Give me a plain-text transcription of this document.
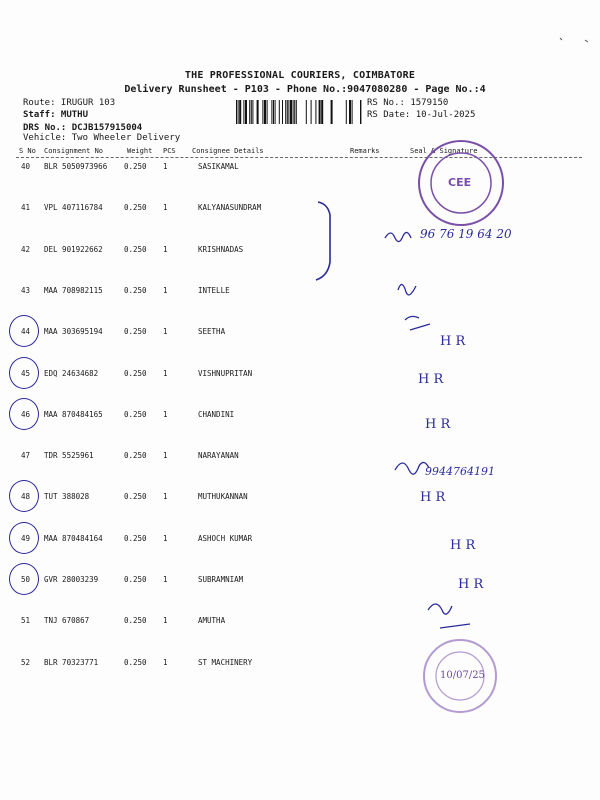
THE PROFESSIONAL COURIERS, COIMBATORE
Delivery Runsheet - P103 - Phone No.:9047080280 - Page No.:4
Route: IRUGUR 103
Staff: MUTHU
DRS No.: DCJB157915004
Vehicle: Two Wheeler Delivery
RS No.: 1579150
RS Date: 10-Jul-2025
S No Consignment No	Weight PCS Consignee Details	Remarks	Seal & Signature
40 BLR 5050973966 0.250 1	SASIKAMAL
41 VPL 407116784	0.250 1	KALYANASUNDRAM
42 DEL 901922662	0.250 1	KRISHNADAS
43 MAA 708982115	0.250 1	INTELLE
44 MAA 303695194	0.250 1	SEETHA
45 EDQ 24634682	0.250 1	VISHNUPRITAN
46 MAA 870484165	0.250 1	CHANDINI
47 TDR 5525961	0.250 1	NARAYANAN
48 TUT 388028	0.250 1	MUTHUKANNAN
49 MAA 870484164	0.250 1	ASHOCH KUMAR
50 GVR 28003239	0.250 1	SUBRAMNIAM
51 TNJ 670867	0.250 1	AMUTHA
52 BLR 70323771	0.250 1	ST MACHINERY
CEE
96 76 19 64 20
9944764191
H R
H R
H R
H R
H R
H R
10/07/25
